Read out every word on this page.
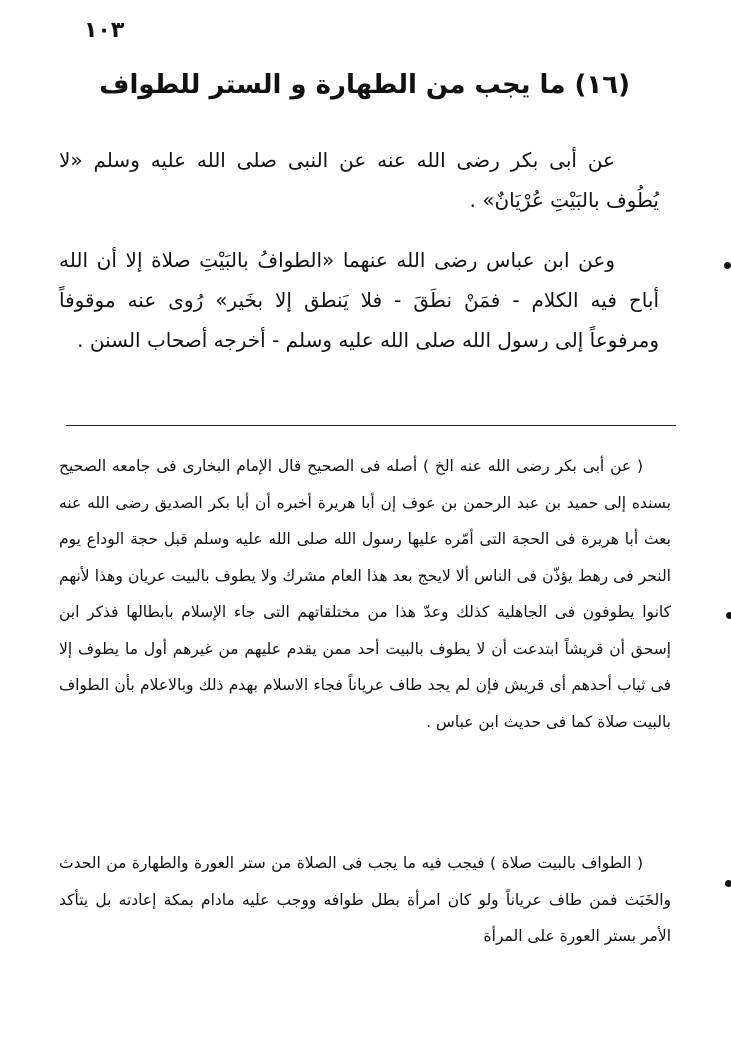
١٠٣
(١٦) ما يجب من الطهارة و الستر للطواف

عن أبى بكر رضى الله عنه عن النبى صلى الله عليه وسلم «لا يُطُوف بالبَيْتِ عُرْيَانٌ» .

وعن ابن عباس رضى الله عنهما «الطوافُ بالبَيْتِ صلاة إلا أن الله أباح فيه الكلام - فمَنْ نطَقَ - فلا يَنطق إلا بخَير» رُوى عنه موقوفاً ومرفوعاً إلى رسول الله صلى الله عليه وسلم - أخرجه أصحاب السنن .

( عن أبى بكر رضى الله عنه الخ ) أصله فى الصحيح قال الإمام البخارى فى جامعه الصحيح بسنده إلى حميد بن عبد الرحمن بن عوف إن أبا هريرة أخبره أن أبا بكر الصديق رضى الله عنه بعث أبا هريرة فى الحجة التى أمّره عليها رسول الله صلى الله عليه وسلم قبل حجة الوداع يوم النحر فى رهط يؤذّن فى الناس ألا لايحج بعد هذا العام مشرك ولا يطوف بالبيت عريان وهذا لأنهم كانوا يطوفون فى الجاهلية كذلك وعدّ هذا من مختلقاتهم التى جاء الإسلام بابطالها فذكر ابن إسحق أن قريشاً ابتدعت أن لا يطوف بالبيت أحد ممن يقدم عليهم من غيرهم أول ما يطوف إلا فى ثياب أحدهم أى قريش فإن لم يجد طاف عرياناً فجاء الاسلام بهدم ذلك وبالاعلام بأن الطواف بالبيت صلاة كما فى حديث ابن عباس .

( الطواف بالبيت صلاة ) فيجب فيه ما يجب فى الصلاة من ستر العورة والطهارة من الحدث والخَبَث فمن طاف عرياناً ولو كان امرأة بطل طوافه ووجب عليه مادام بمكة إعادته بل يتأكد الأمر بستر العورة على المرأة
